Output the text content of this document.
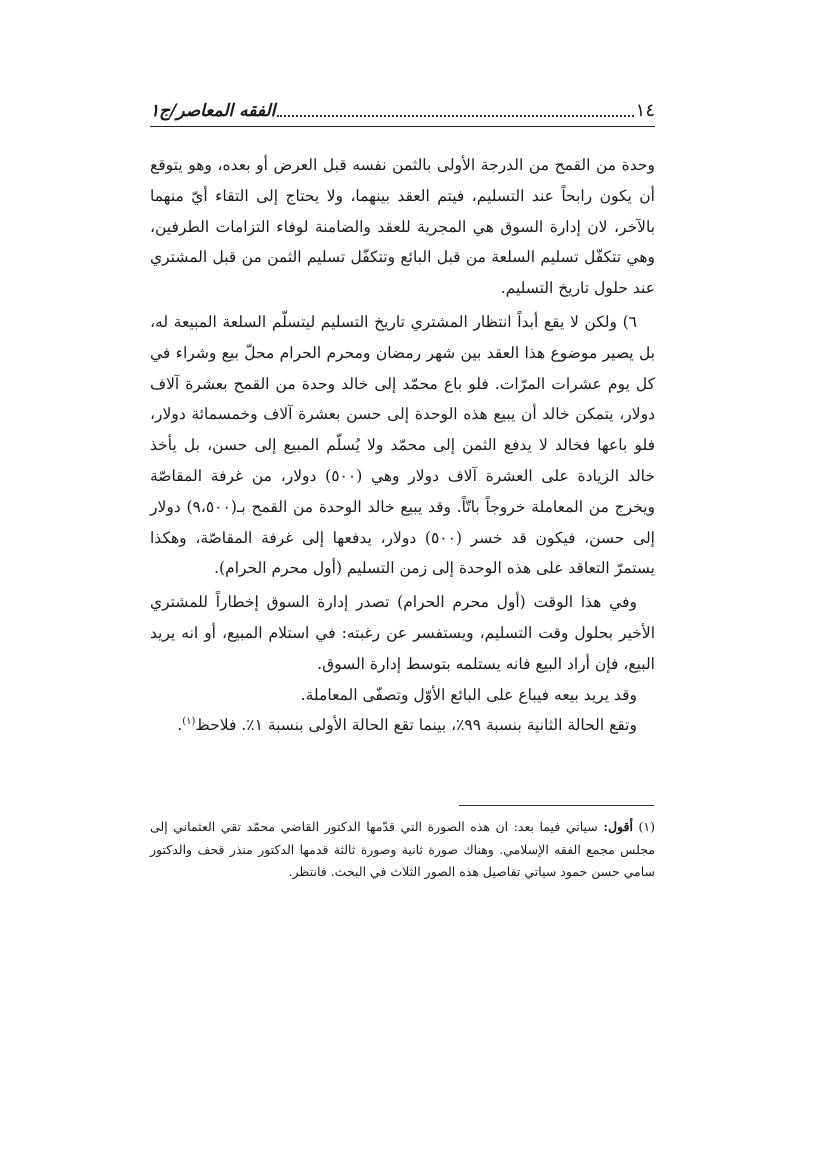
١٤
الفقه المعاصر/ج١

وحدة من القمح من الدرجة الأولى بالثمن نفسه قبل العرض أو بعده، وهو يتوقع أن يكون رابحاً عند التسليم، فيتم العقد بينهما، ولا يحتاج إلى التقاء أيّ منهما بالآخر، لان إدارة السوق هي المجرية للعقد والضامنة لوفاء التزامات الطرفين، وهي تتكفّل تسليم السلعة من قبل البائع وتتكفّل تسليم الثمن من قبل المشتري عند حلول تاريخ التسليم.

٦) ولكن لا يقع أبداً انتظار المشتري تاريخ التسليم ليتسلّم السلعة المبيعة له، بل يصير موضوع هذا العقد بين شهر رمضان ومحرم الحرام محلّ بيع وشراء في كل يوم عشرات المرّات. فلو باع محمّد إلى خالد وحدة من القمح بعشرة آلاف دولار، يتمكن خالد أن يبيع هذه الوحدة إلى حسن بعشرة آلاف وخمسمائة دولار، فلو باعها فخالد لا يدفع الثمن إلى محمّد ولا يُسلّم المبيع إلى حسن، بل يأخذ خالد الزيادة على العشرة آلاف دولار وهي (٥٠٠) دولار، من غرفة المقاصّة ويخرج من المعاملة خروجاً باتّاً. وقد يبيع خالد الوحدة من القمح بـ(٩،٥٠٠) دولار إلى حسن، فيكون قد خسر (٥٠٠) دولار، يدفعها إلى غرفة المقاصّة، وهكذا يستمرّ التعاقد على هذه الوحدة إلى زمن التسليم (أول محرم الحرام).

وفي هذا الوقت (أول محرم الحرام) تصدر إدارة السوق إخطاراً للمشتري الأخير بحلول وقت التسليم، ويستفسر عن رغبته: في استلام المبيع، أو انه يريد البيع، فإن أراد البيع فانه يستلمه بتوسط إدارة السوق.

وقد يريد بيعه فيباع على البائع الأوّل وتصفّى المعاملة.

وتقع الحالة الثانية بنسبة ٩٩٪، بينما تقع الحالة الأولى بنسبة ١٪. فلاحظ$^{(١)}$.

(١) أقول: سياتي فيما بعد: ان هذه الصورة التي قدّمها الدكتور القاضي محمّد تقي العثماني إلى مجلس مجمع الفقه الإسلامي. وهناك صورة ثانية وصورة ثالثة قدمها الدكتور منذر قحف والدكتور سامي حسن حمود سياتي تفاصيل هذه الصور الثلاث في البحث. فانتظر.
